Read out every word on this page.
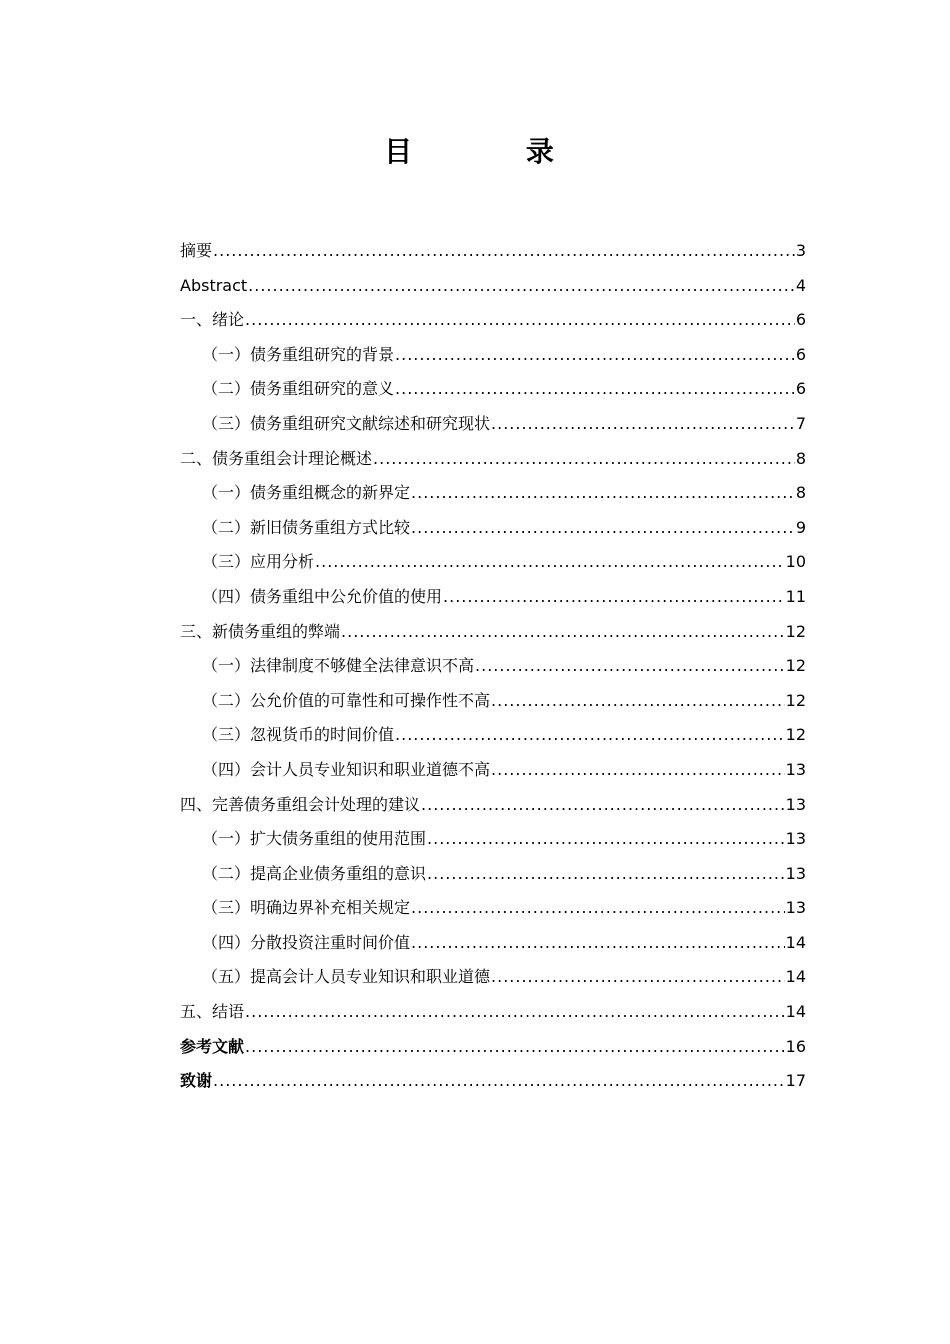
目 录
摘要 .....	3
Abstract .....	4
一、绪论 .....	6
（一）债务重组研究的背景 .....	6
（二）债务重组研究的意义 .....	6
（三）债务重组研究文献综述和研究现状 .....	7
二、债务重组会计理论概述 .....	8
（一）债务重组概念的新界定 .....	8
（二）新旧债务重组方式比较 .....	9
（三）应用分析 .....	10
（四）债务重组中公允价值的使用 .....	11
三、新债务重组的弊端 .....	12
（一）法律制度不够健全法律意识不高 .....	12
（二）公允价值的可靠性和可操作性不高 .....	12
（三）忽视货币的时间价值 .....	12
（四）会计人员专业知识和职业道德不高 .....	13
四、完善债务重组会计处理的建议 .....	13
（一）扩大债务重组的使用范围 .....	13
（二）提高企业债务重组的意识 .....	13
（三）明确边界补充相关规定 .....	13
（四）分散投资注重时间价值 .....	14
（五）提高会计人员专业知识和职业道德 .....	14
五、结语 .....	14
参考文献 .....	16
致谢 .....	17
